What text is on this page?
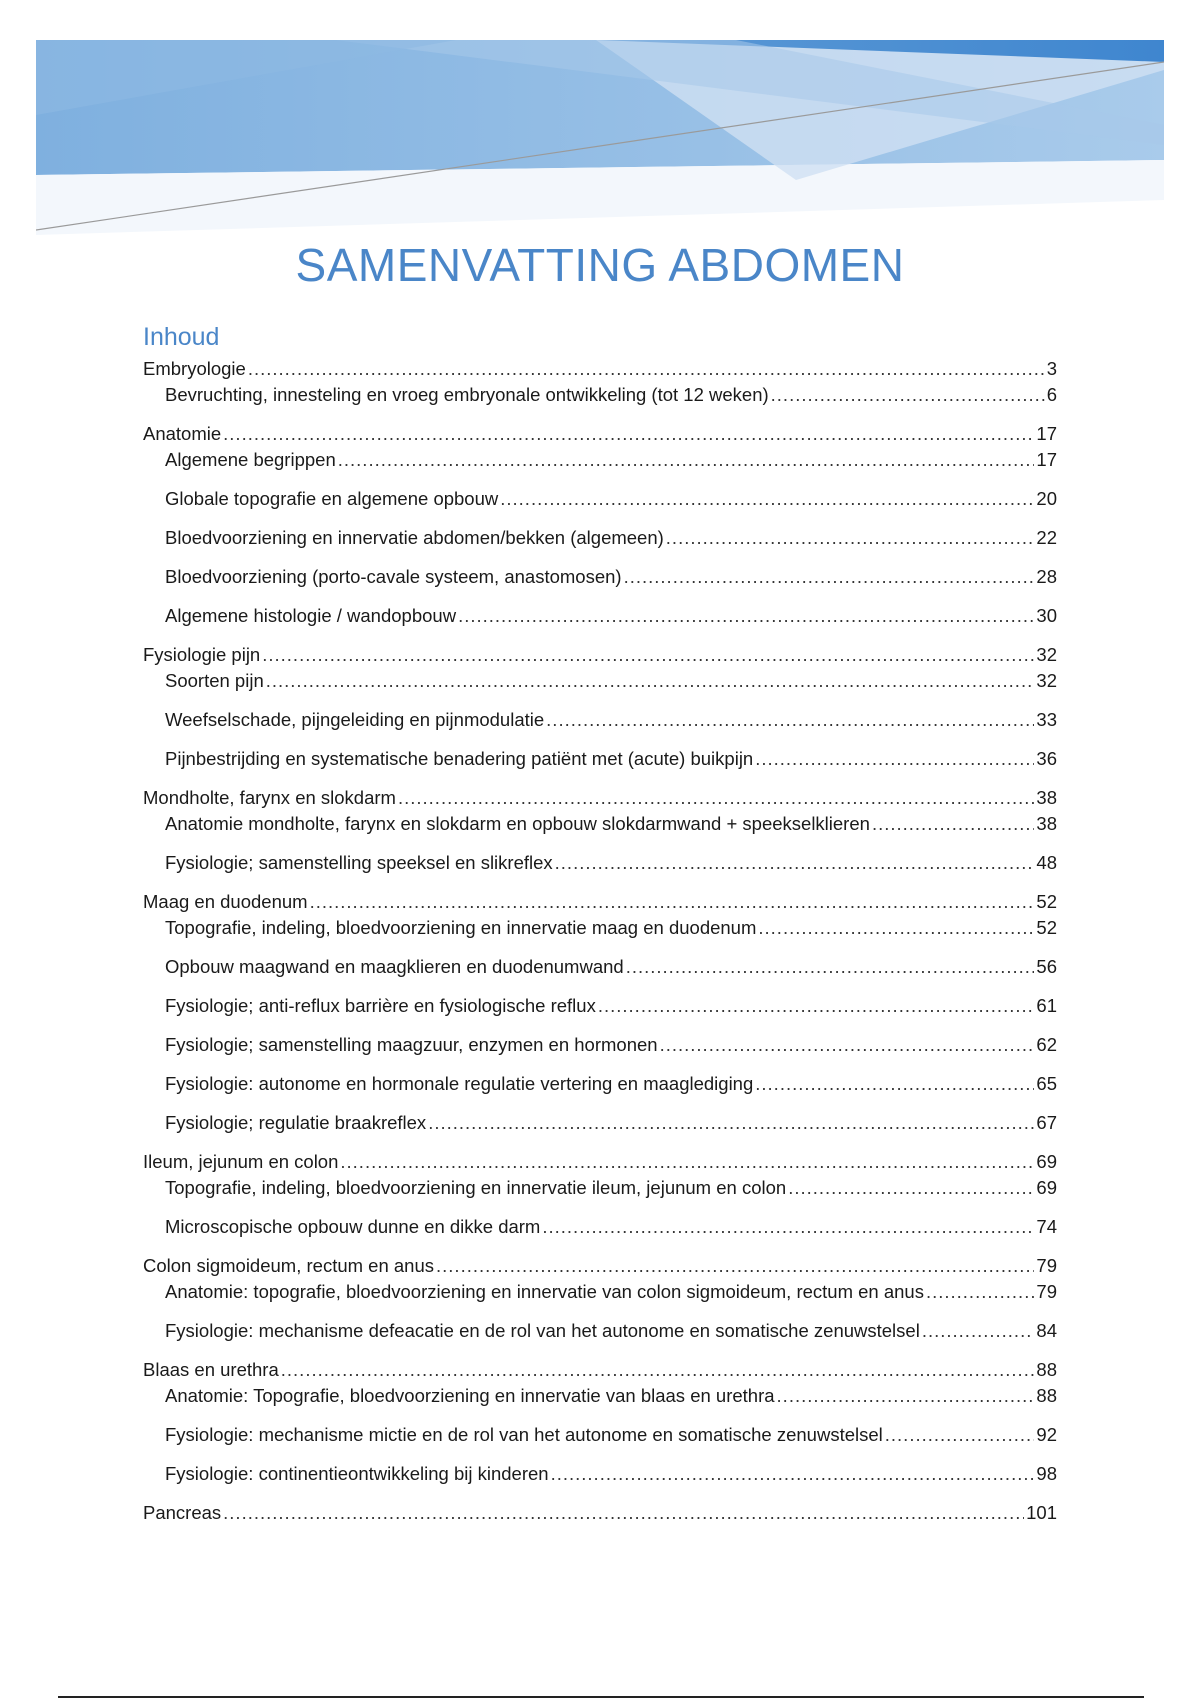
SAMENVATTING ABDOMEN
Inhoud
Embryologie .....	3
Bevruchting, innesteling en vroeg embryonale ontwikkeling (tot 12 weken) .....	6
Anatomie .....	17
Algemene begrippen .....	17
Globale topografie en algemene opbouw .....	20
Bloedvoorziening en innervatie abdomen/bekken (algemeen) .....	22
Bloedvoorziening (porto-cavale systeem, anastomosen) .....	28
Algemene histologie / wandopbouw .....	30
Fysiologie pijn .....	32
Soorten pijn .....	32
Weefselschade, pijngeleiding en pijnmodulatie .....	33
Pijnbestrijding en systematische benadering patiënt met (acute) buikpijn .....	36
Mondholte, farynx en slokdarm .....	38
Anatomie mondholte, farynx en slokdarm en opbouw slokdarmwand + speekselklieren .....	38
Fysiologie; samenstelling speeksel en slikreflex .....	48
Maag en duodenum .....	52
Topografie, indeling, bloedvoorziening en innervatie maag en duodenum .....	52
Opbouw maagwand en maagklieren en duodenumwand .....	56
Fysiologie; anti-reflux barrière en fysiologische reflux .....	61
Fysiologie; samenstelling maagzuur, enzymen en hormonen .....	62
Fysiologie: autonome en hormonale regulatie vertering en maaglediging .....	65
Fysiologie; regulatie braakreflex .....	67
Ileum, jejunum en colon .....	69
Topografie, indeling, bloedvoorziening en innervatie ileum, jejunum en colon .....	69
Microscopische opbouw dunne en dikke darm .....	74
Colon sigmoideum, rectum en anus .....	79
Anatomie: topografie, bloedvoorziening en innervatie van colon sigmoideum, rectum en anus .....	79
Fysiologie: mechanisme defeacatie en de rol van het autonome en somatische zenuwstelsel .....	84
Blaas en urethra .....	88
Anatomie: Topografie, bloedvoorziening en innervatie van blaas en urethra .....	88
Fysiologie: mechanisme mictie en de rol van het autonome en somatische zenuwstelsel .....	92
Fysiologie: continentieontwikkeling bij kinderen .....	98
Pancreas .....	101
